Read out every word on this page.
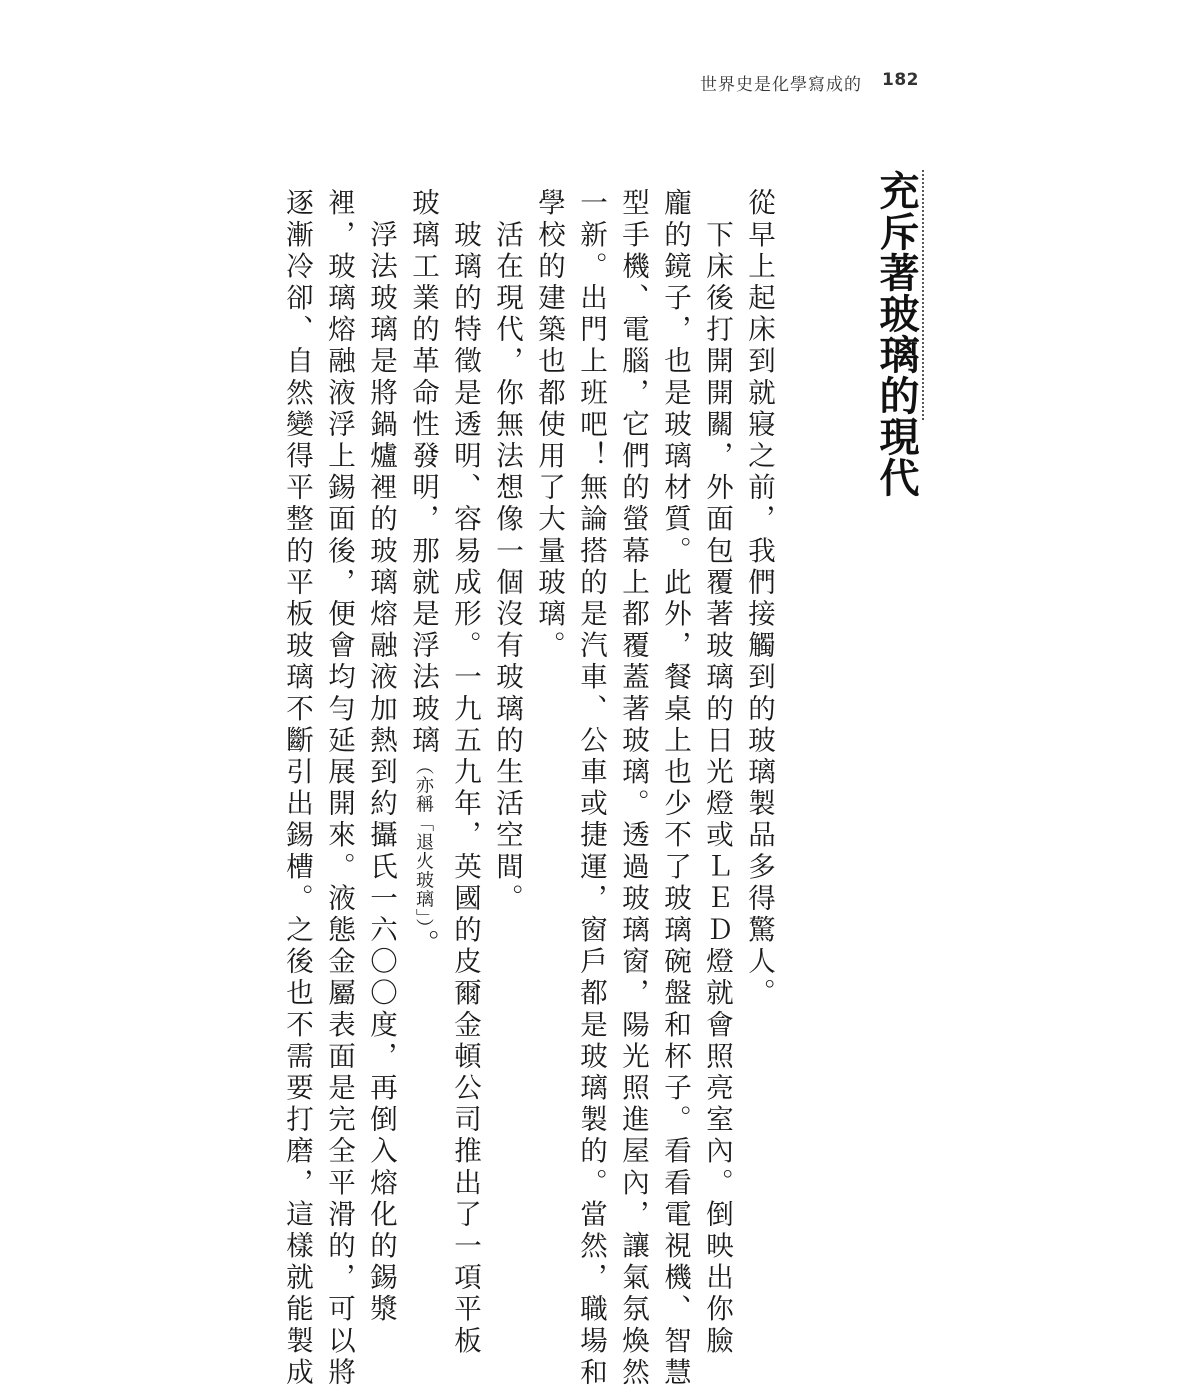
世界史是化學寫成的 182
充斥著玻璃的現代
從早上起床到就寢之前，我們接觸到的玻璃製品多得驚人。
　下床後打開開關，外面包覆著玻璃的日光燈或ＬＥＤ燈就會照亮室內。倒映出你臉
龐的鏡子，也是玻璃材質。此外，餐桌上也少不了玻璃碗盤和杯子。看看電視機、智慧
型手機、電腦，它們的螢幕上都覆蓋著玻璃。透過玻璃窗，陽光照進屋內，讓氣氛煥然
一新。出門上班吧！無論搭的是汽車、公車或捷運，窗戶都是玻璃製的。當然，職場和
學校的建築也都使用了大量玻璃。
　活在現代，你無法想像一個沒有玻璃的生活空間。
　玻璃的特徵是透明、容易成形。一九五九年，英國的皮爾金頓公司推出了一項平板
玻璃工業的革命性發明，那就是浮法玻璃（亦稱「退火玻璃」）。
　浮法玻璃是將鍋爐裡的玻璃熔融液加熱到約攝氏一六〇〇度，再倒入熔化的錫漿
裡，玻璃熔融液浮上錫面後，便會均勻延展開來。液態金屬表面是完全平滑的，可以將
逐漸冷卻、自然變得平整的平板玻璃不斷引出錫槽。之後也不需要打磨，這樣就能製成
